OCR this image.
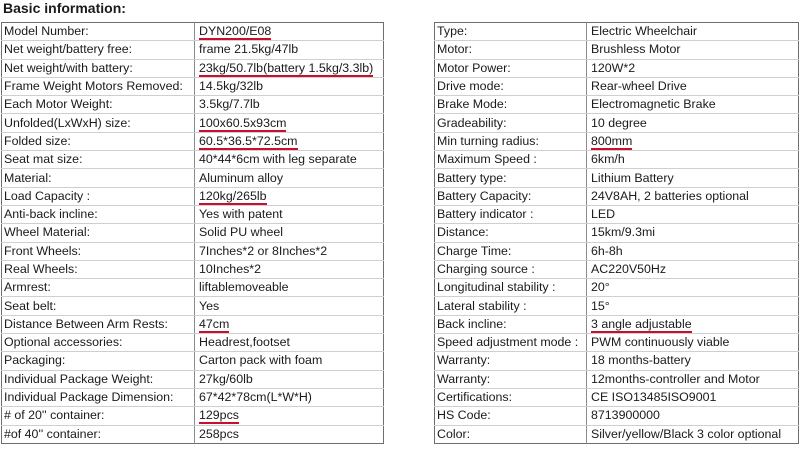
Basic information:
Model Number:	DYN200/E08
Net weight/battery free:	frame 21.5kg/47lb
Net weight/with battery:	23kg/50.7lb(battery 1.5kg/3.3lb)
Frame Weight Motors Removed:	14.5kg/32lb
Each Motor Weight:	3.5kg/7.7lb
Unfolded(LxWxH) size:	100x60.5x93cm
Folded size:	60.5*36.5*72.5cm
Seat mat size:	40*44*6cm with leg separate
Material:	Aluminum alloy
Load Capacity :	120kg/265lb
Anti-back incline:	Yes with patent
Wheel Material:	Solid PU wheel
Front Wheels:	7Inches*2 or 8Inches*2
Real Wheels:	10Inches*2
Armrest:	liftablemoveable
Seat belt:	Yes
Distance Between Arm Rests:	47cm
Optional accessories:	Headrest,footset
Packaging:	Carton pack with foam
Individual Package Weight:	27kg/60lb
Individual Package Dimension:	67*42*78cm(L*W*H)
# of 20'' container:	129pcs
#of 40'' container:	258pcs
Type:	Electric Wheelchair
Motor:	Brushless Motor
Motor Power:	120W*2
Drive mode:	Rear-wheel Drive
Brake Mode:	Electromagnetic Brake
Gradeability:	10 degree
Min turning radius:	800mm
Maximum Speed :	6km/h
Battery type:	Lithium Battery
Battery Capacity:	24V8AH, 2 batteries optional
Battery indicator :	LED
Distance:	15km/9.3mi
Charge Time:	6h-8h
Charging source :	AC220V50Hz
Longitudinal stability :	20°
Lateral stability :	15°
Back incline:	3 angle adjustable
Speed adjustment mode :	PWM continuously viable
Warranty:	18 months-battery
Warranty:	12months-controller and Motor
Certifications:	CE ISO13485ISO9001
HS Code:	8713900000
Color:	Silver/yellow/Black 3 color optional
